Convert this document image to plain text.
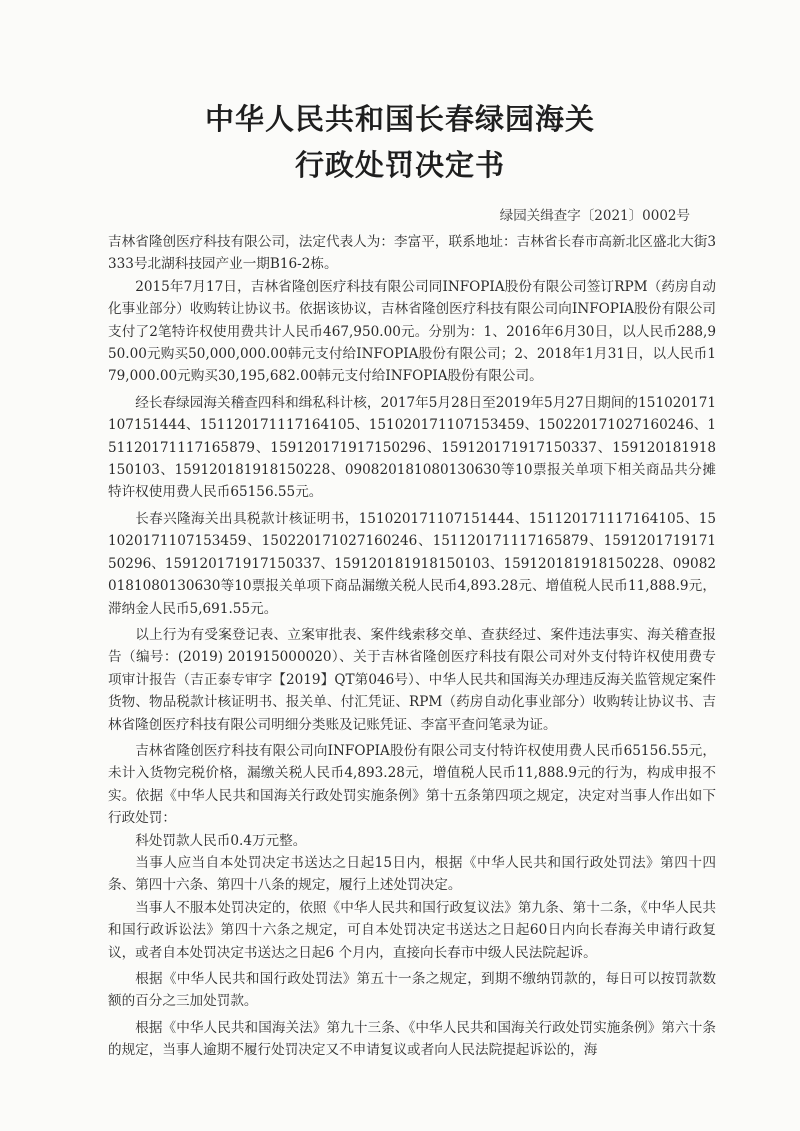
中华人民共和国长春绿园海关
行政处罚决定书
绿园关缉查字〔2021〕0002号

吉林省隆创医疗科技有限公司，法定代表人为：李富平，联系地址：吉林省长春市高新北区盛北大街3333号北湖科技园产业一期B16-2栋。

2015年7月17日，吉林省隆创医疗科技有限公司同INFOPIA股份有限公司签订RPM（药房自动化事业部分）收购转让协议书。依据该协议，吉林省隆创医疗科技有限公司向INFOPIA股份有限公司支付了2笔特许权使用费共计人民币467,950.00元。分别为：1、2016年6月30日，以人民币288,950.00元购买50,000,000.00韩元支付给INFOPIA股份有限公司；2、2018年1月31日，以人民币179,000.00元购买30,195,682.00韩元支付给INFOPIA股份有限公司。

经长春绿园海关稽查四科和缉私科计核，2017年5月28日至2019年5月27日期间的151020171107151444、151120171117164105、151020171107153459、150220171027160246、151120171117165879、159120171917150296、159120171917150337、159120181918150103、159120181918150228、090820181080130630等10票报关单项下相关商品共分摊特许权使用费人民币65156.55元。

长春兴隆海关出具税款计核证明书，151020171107151444、151120171117164105、151020171107153459、150220171027160246、151120171117165879、159120171917150296、159120171917150337、159120181918150103、159120181918150228、090820181080130630等10票报关单项下商品漏缴关税人民币4,893.28元、增值税人民币11,888.9元，滞纳金人民币5,691.55元。

以上行为有受案登记表、立案审批表、案件线索移交单、查获经过、案件违法事实、海关稽查报告（编号：(2019) 201915000020）、关于吉林省隆创医疗科技有限公司对外支付特许权使用费专项审计报告（吉正泰专审字【2019】QT第046号）、中华人民共和国海关办理违反海关监管规定案件货物、物品税款计核证明书、报关单、付汇凭证、RPM（药房自动化事业部分）收购转让协议书、吉林省隆创医疗科技有限公司明细分类账及记账凭证、李富平查问笔录为证。

吉林省隆创医疗科技有限公司向INFOPIA股份有限公司支付特许权使用费人民币65156.55元，未计入货物完税价格，漏缴关税人民币4,893.28元，增值税人民币11,888.9元的行为，构成申报不实。依据《中华人民共和国海关行政处罚实施条例》第十五条第四项之规定，决定对当事人作出如下行政处罚：

科处罚款人民币0.4万元整。

当事人应当自本处罚决定书送达之日起15日内，根据《中华人民共和国行政处罚法》第四十四条、第四十六条、第四十八条的规定，履行上述处罚决定。

当事人不服本处罚决定的，依照《中华人民共和国行政复议法》第九条、第十二条，《中华人民共和国行政诉讼法》第四十六条之规定，可自本处罚决定书送达之日起60日内向长春海关申请行政复议，或者自本处罚决定书送达之日起6 个月内，直接向长春市中级人民法院起诉。

根据《中华人民共和国行政处罚法》第五十一条之规定，到期不缴纳罚款的，每日可以按罚款数额的百分之三加处罚款。

根据《中华人民共和国海关法》第九十三条、《中华人民共和国海关行政处罚实施条例》第六十条的规定，当事人逾期不履行处罚决定又不申请复议或者向人民法院提起诉讼的，海
